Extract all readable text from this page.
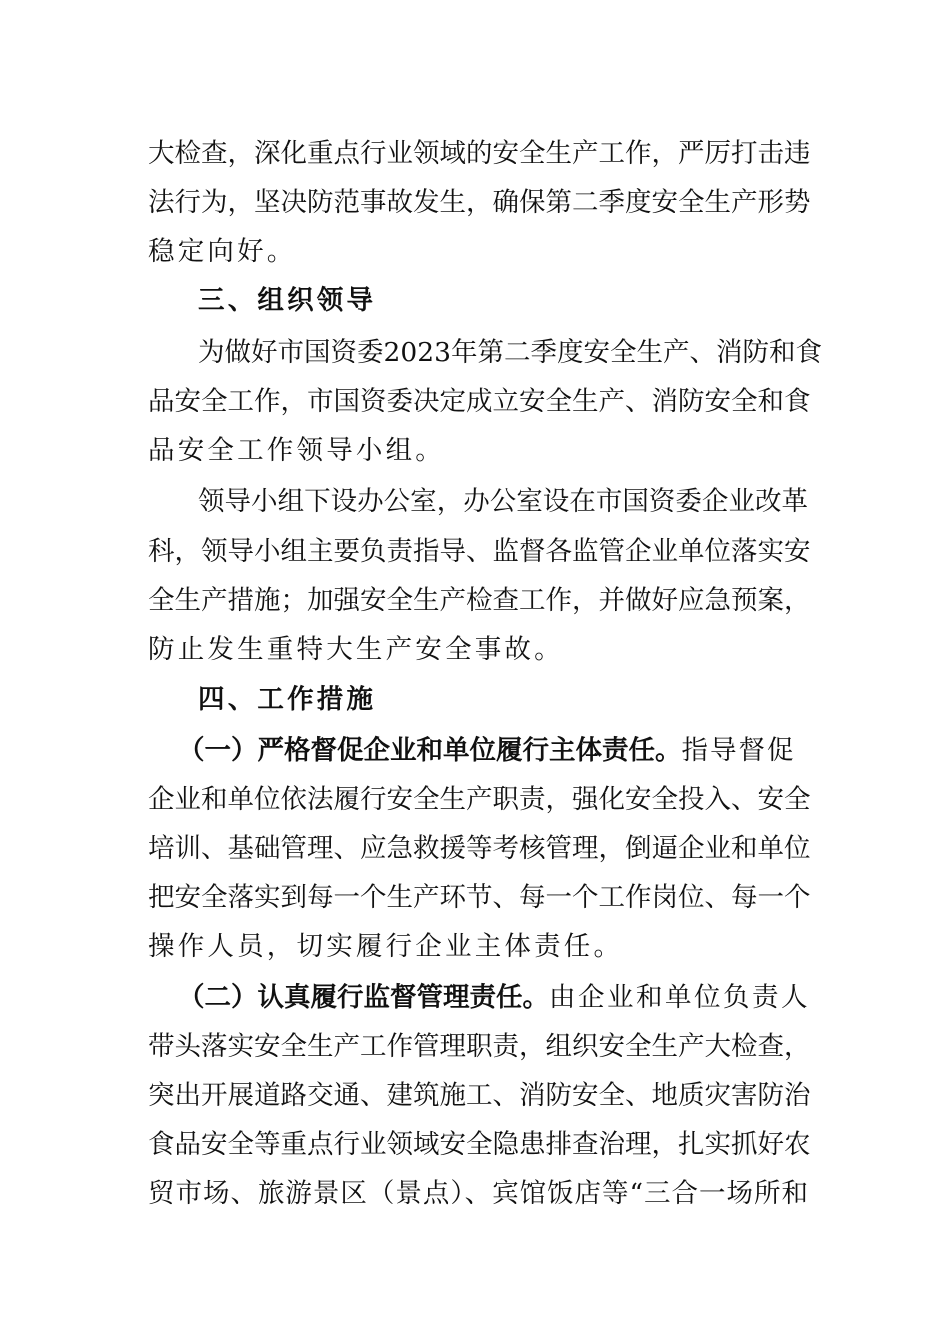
大检查，深化重点行业领域的安全生产工作，严厉打击违
法行为，坚决防范事故发生，确保第二季度安全生产形势
稳定向好。
三、组织领导
为做好市国资委2023年第二季度安全生产、消防和食
品安全工作，市国资委决定成立安全生产、消防安全和食
品安全工作领导小组。
领导小组下设办公室，办公室设在市国资委企业改革
科，领导小组主要负责指导、监督各监管企业单位落实安
全生产措施；加强安全生产检查工作，并做好应急预案，
防止发生重特大生产安全事故。
四、工作措施
（一）严格督促企业和单位履行主体责任。指导督促
企业和单位依法履行安全生产职责，强化安全投入、安全
培训、基础管理、应急救援等考核管理，倒逼企业和单位
把安全落实到每一个生产环节、每一个工作岗位、每一个
操作人员，切实履行企业主体责任。
（二）认真履行监督管理责任。由企业和单位负责人
带头落实安全生产工作管理职责，组织安全生产大检查，
突出开展道路交通、建筑施工、消防安全、地质灾害防治
食品安全等重点行业领域安全隐患排查治理，扎实抓好农
贸市场、旅游景区（景点）、宾馆饭店等“三合一场所和
